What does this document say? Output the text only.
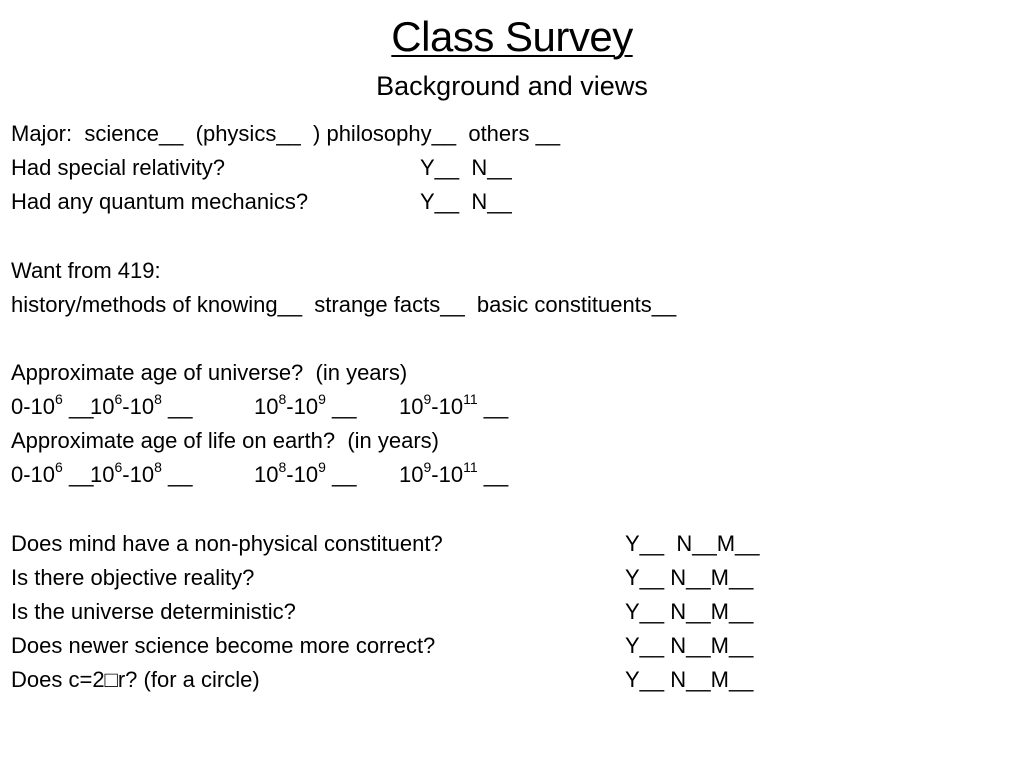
Class Survey
Background and views
Major:  science__  (physics__  ) philosophy__  others __
Had special relativity?	Y__  N__
Had any quantum mechanics?	Y__  N__
Want from 419:
history/methods of knowing__  strange facts__  basic constituents__
Approximate age of universe?  (in years)
$0-10^6$ __
$10^6-10^8$ __	$10^8-10^9$ __ $10^9-10^{11}$ __
Approximate age of life on earth?  (in years)
$0-10^6$ __
$10^6-10^8$ __	$10^8-10^9$ __ $10^9-10^{11}$ __
Does mind have a non-physical constituent?	Y__  N__M__
Is there objective reality?	Y__ N__M__
Is the universe deterministic?	Y__ N__M__
Does newer science become more correct?	Y__ N__M__
Does c=2□r? (for a circle)	Y__ N__M__
